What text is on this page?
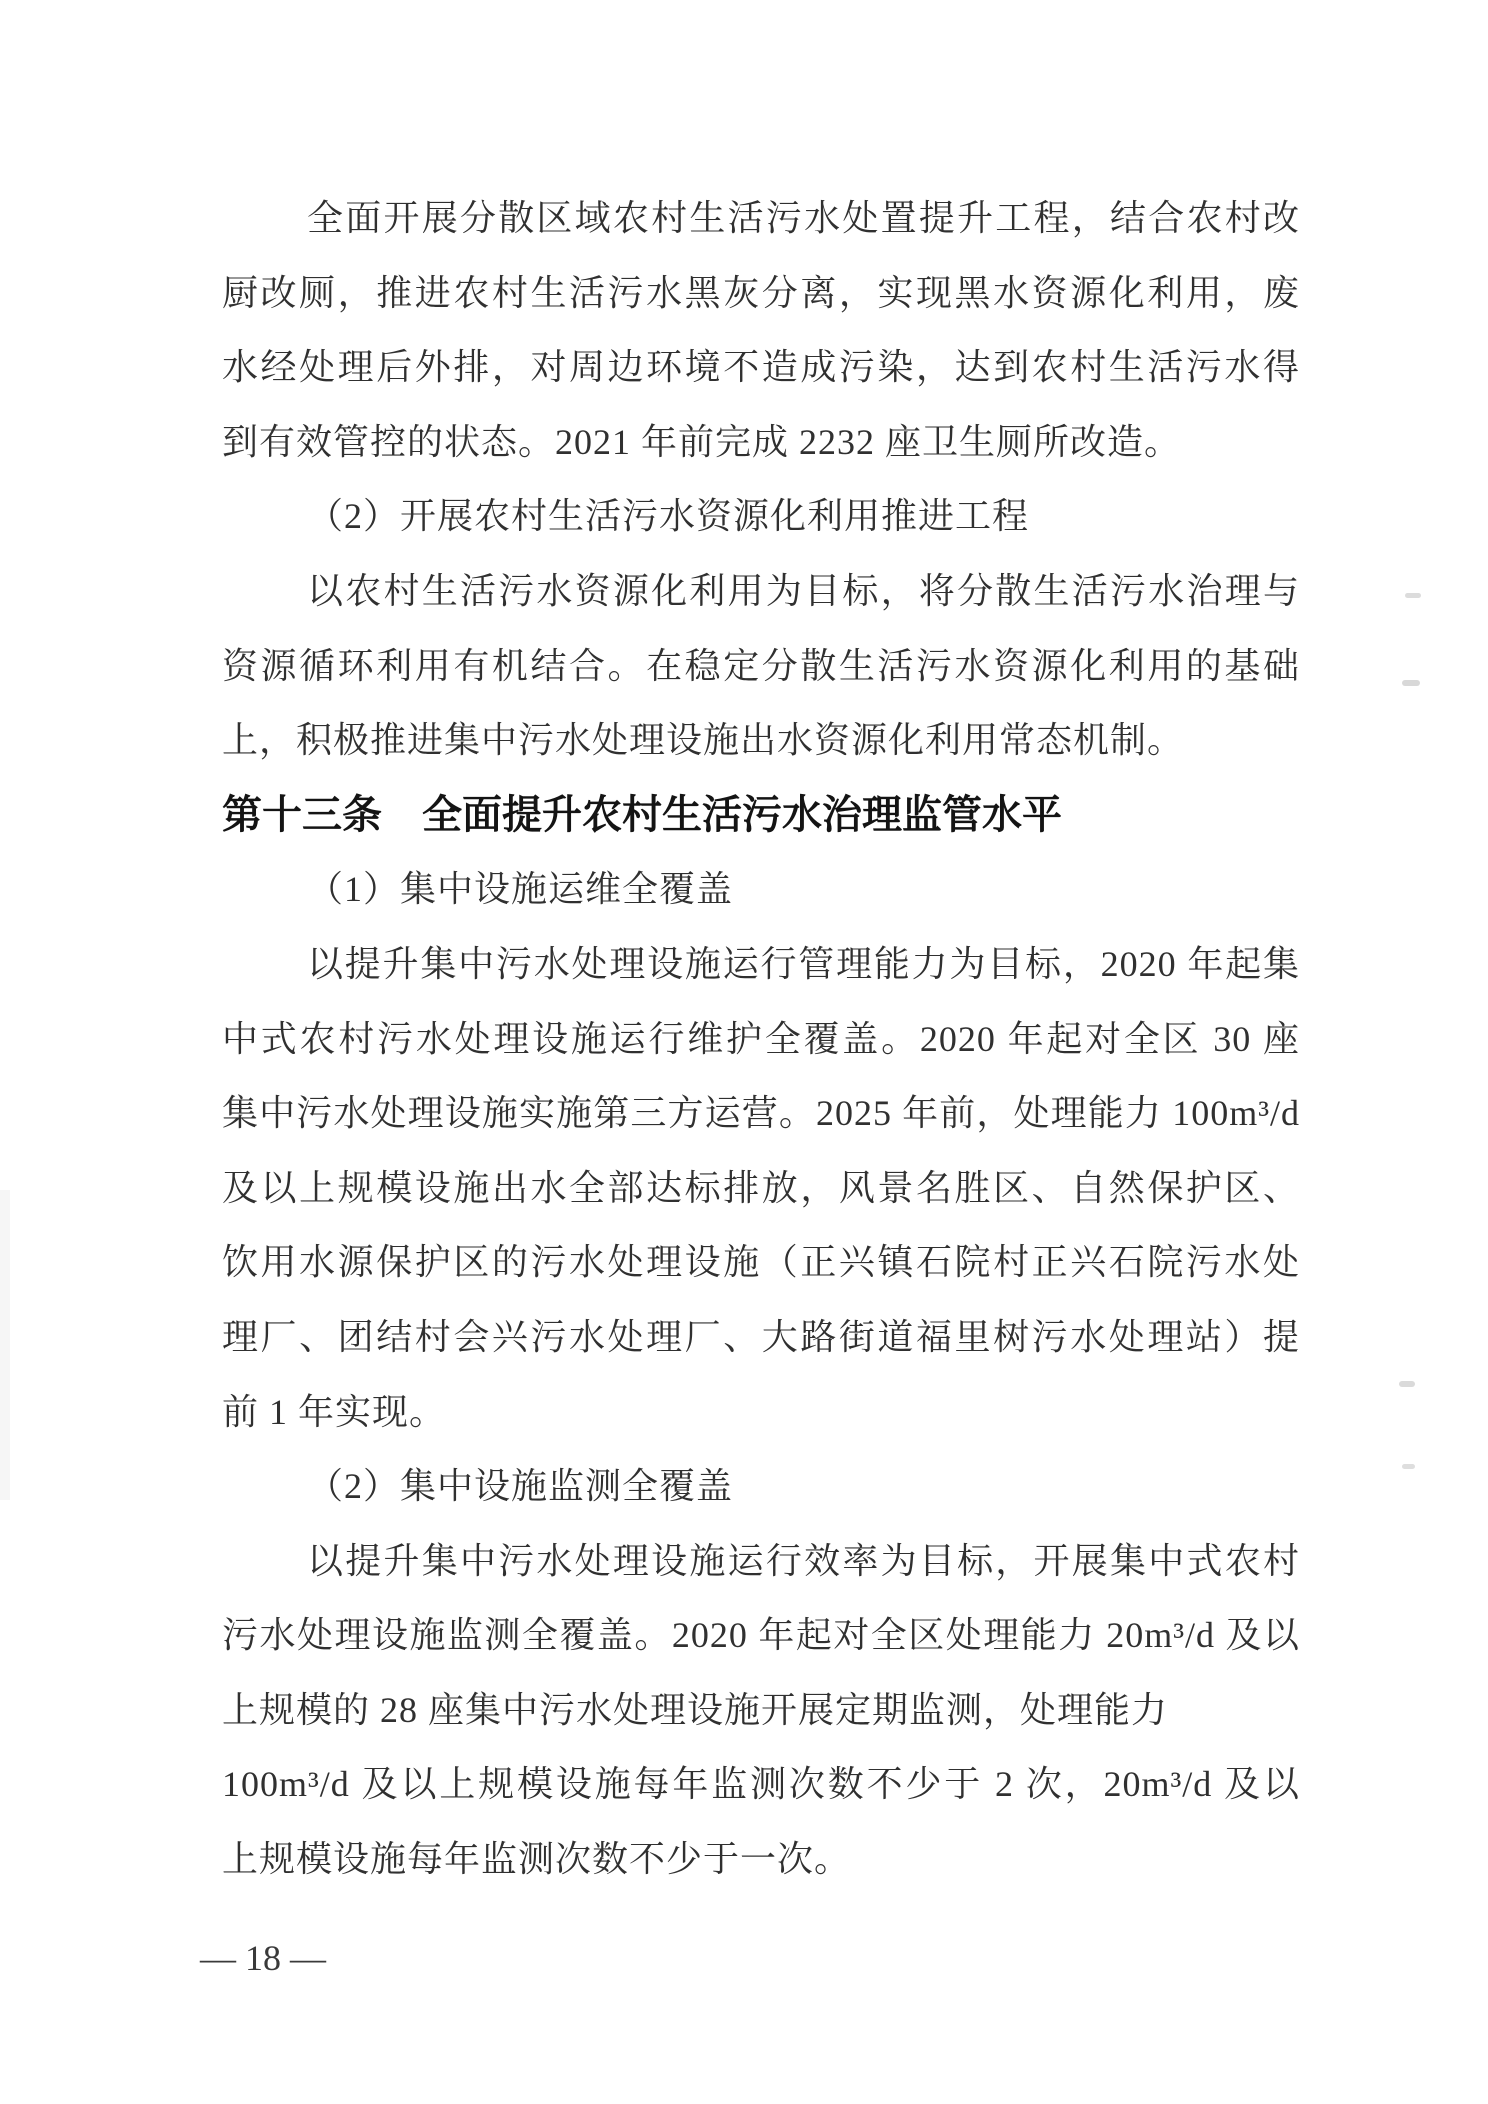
全面开展分散区域农村生活污水处置提升工程，结合农村改
厨改厕，推进农村生活污水黑灰分离，实现黑水资源化利用，废
水经处理后外排，对周边环境不造成污染，达到农村生活污水得
到有效管控的状态。2021 年前完成 2232 座卫生厕所改造。
（2）开展农村生活污水资源化利用推进工程
以农村生活污水资源化利用为目标，将分散生活污水治理与
资源循环利用有机结合。在稳定分散生活污水资源化利用的基础
上，积极推进集中污水处理设施出水资源化利用常态机制。
第十三条　全面提升农村生活污水治理监管水平
（1）集中设施运维全覆盖
以提升集中污水处理设施运行管理能力为目标，2020 年起集
中式农村污水处理设施运行维护全覆盖。2020 年起对全区 30 座
集中污水处理设施实施第三方运营。2025 年前，处理能力 100m³/d
及以上规模设施出水全部达标排放，风景名胜区、自然保护区、
饮用水源保护区的污水处理设施（正兴镇石院村正兴石院污水处
理厂、团结村会兴污水处理厂、大路街道福里树污水处理站）提
前 1 年实现。
（2）集中设施监测全覆盖
以提升集中污水处理设施运行效率为目标，开展集中式农村
污水处理设施监测全覆盖。2020 年起对全区处理能力 20m³/d 及以
上规模的 28 座集中污水处理设施开展定期监测，处理能力
100m³/d 及以上规模设施每年监测次数不少于 2 次，20m³/d 及以
上规模设施每年监测次数不少于一次。
— 18 —
